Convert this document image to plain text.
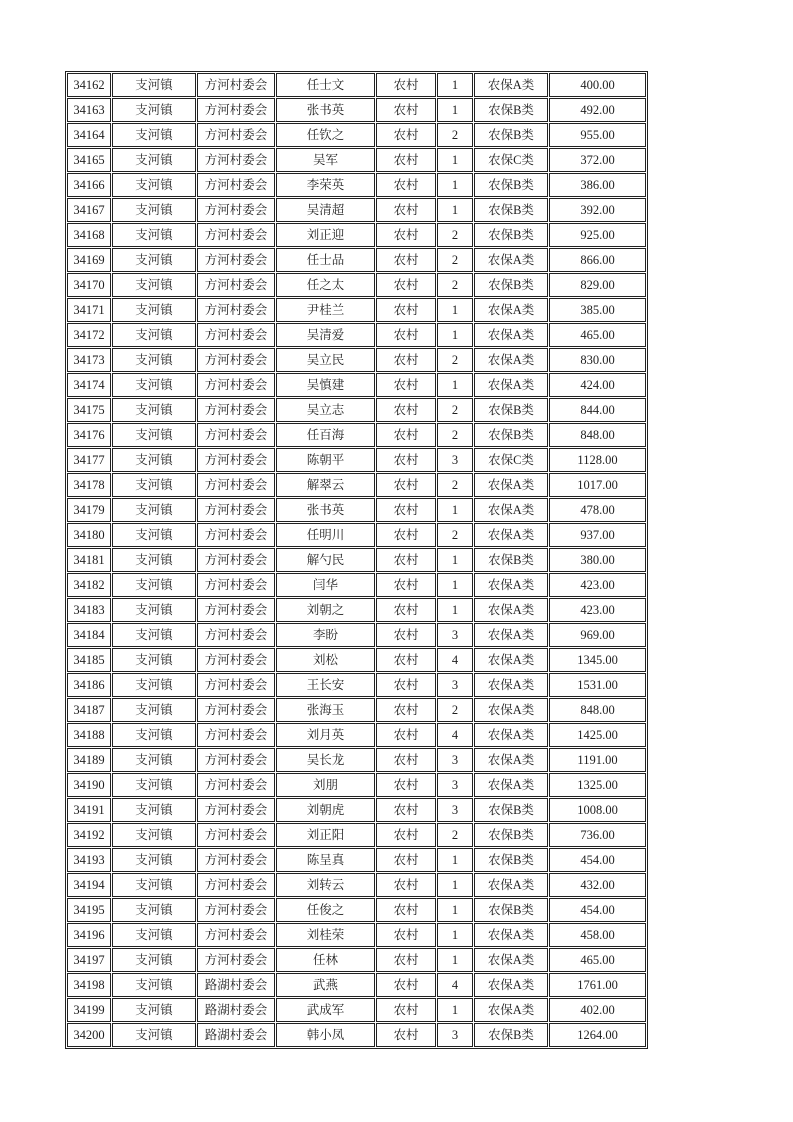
34162	支河镇	方河村委会	任士文	农村	1	农保A类	400.00
34163	支河镇	方河村委会	张书英	农村	1	农保B类	492.00
34164	支河镇	方河村委会	任钦之	农村	2	农保B类	955.00
34165	支河镇	方河村委会	吴军	农村	1	农保C类	372.00
34166	支河镇	方河村委会	李荣英	农村	1	农保B类	386.00
34167	支河镇	方河村委会	吴清超	农村	1	农保B类	392.00
34168	支河镇	方河村委会	刘正迎	农村	2	农保B类	925.00
34169	支河镇	方河村委会	任士品	农村	2	农保A类	866.00
34170	支河镇	方河村委会	任之太	农村	2	农保B类	829.00
34171	支河镇	方河村委会	尹桂兰	农村	1	农保A类	385.00
34172	支河镇	方河村委会	吴清爱	农村	1	农保A类	465.00
34173	支河镇	方河村委会	吴立民	农村	2	农保A类	830.00
34174	支河镇	方河村委会	吴慎建	农村	1	农保A类	424.00
34175	支河镇	方河村委会	吴立志	农村	2	农保B类	844.00
34176	支河镇	方河村委会	任百海	农村	2	农保B类	848.00
34177	支河镇	方河村委会	陈朝平	农村	3	农保C类	1128.00
34178	支河镇	方河村委会	解翠云	农村	2	农保A类	1017.00
34179	支河镇	方河村委会	张书英	农村	1	农保A类	478.00
34180	支河镇	方河村委会	任明川	农村	2	农保A类	937.00
34181	支河镇	方河村委会	解勺民	农村	1	农保B类	380.00
34182	支河镇	方河村委会	闫华	农村	1	农保A类	423.00
34183	支河镇	方河村委会	刘朝之	农村	1	农保A类	423.00
34184	支河镇	方河村委会	李盼	农村	3	农保A类	969.00
34185	支河镇	方河村委会	刘松	农村	4	农保A类	1345.00
34186	支河镇	方河村委会	王长安	农村	3	农保A类	1531.00
34187	支河镇	方河村委会	张海玉	农村	2	农保A类	848.00
34188	支河镇	方河村委会	刘月英	农村	4	农保A类	1425.00
34189	支河镇	方河村委会	吴长龙	农村	3	农保A类	1191.00
34190	支河镇	方河村委会	刘朋	农村	3	农保A类	1325.00
34191	支河镇	方河村委会	刘朝虎	农村	3	农保B类	1008.00
34192	支河镇	方河村委会	刘正阳	农村	2	农保B类	736.00
34193	支河镇	方河村委会	陈呈真	农村	1	农保B类	454.00
34194	支河镇	方河村委会	刘转云	农村	1	农保A类	432.00
34195	支河镇	方河村委会	任俊之	农村	1	农保B类	454.00
34196	支河镇	方河村委会	刘桂荣	农村	1	农保A类	458.00
34197	支河镇	方河村委会	任林	农村	1	农保A类	465.00
34198	支河镇	路湖村委会	武燕	农村	4	农保A类	1761.00
34199	支河镇	路湖村委会	武成军	农村	1	农保A类	402.00
34200	支河镇	路湖村委会	韩小凤	农村	3	农保B类	1264.00
